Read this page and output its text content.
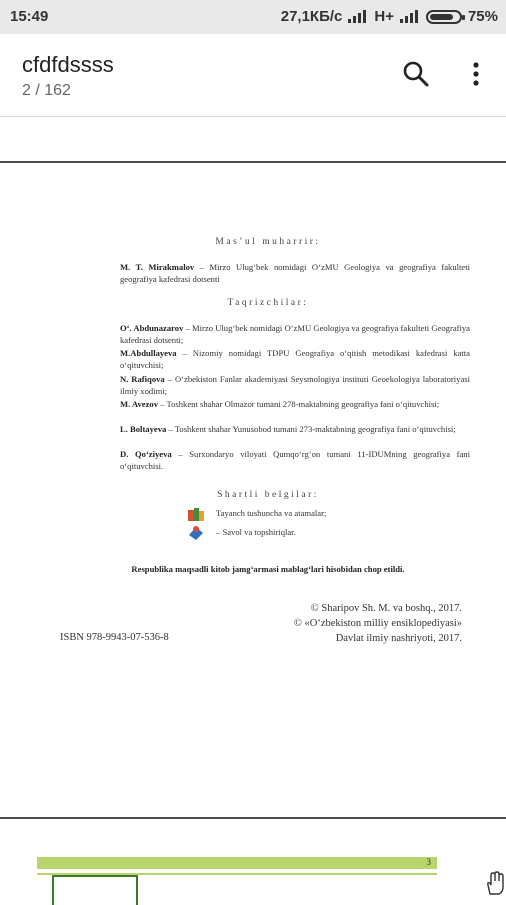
15:49	27,1КБ/с H+	75%
cfdfdssss
2 / 162
Mas’ul muharrir:
M. T. Mirakmalov – Mirzo Ulug‘bek nomidagi O‘zMU Geologiya va geografiya fakulteti geografiya kafedrasi dotsenti
Taqrizchilar:
O‘. Abdunazarov – Mirzo Ulug‘bek nomidagi O‘zMU Geologiya va geografiya fakulteti Geografiya kafedrasi dotsenti;
M.Abdullayeva – Nizomiy nomidagi TDPU Geografiya o‘qitish metodikasi kafedrasi katta o‘qituvchisi;
N. Rafiqova – O‘zbekiston Fanlar akademiyasi Seysmologiya instituti Geoekologiya laboratoriyasi ilmiy xodimi;
M. Avezov – Toshkent shahar Olmazor tumani 278-maktabning geografiya fani o‘qituvchisi;
L. Boltayeva – Toshkent shahar Yunusobod tumani 273-maktabning geografiya fani o‘qituvchisi;
D. Qo‘ziyeva – Surxondaryo viloyati Qumqo‘rg‘on tumani 11-IDUMning geografiya fani o‘qituvchisi.
Shartli belgilar:
Tayanch tushuncha va atamalar;
– Savol va topshiriqlar.
Respublika maqsadli kitob jamg‘armasi mablag‘lari hisobidan chop etildi.
© Sharipov Sh. M. va boshq., 2017.
© «O‘zbekiston milliy ensiklopediyasi»
Davlat ilmiy nashriyoti, 2017.
ISBN 978-9943-07-536-8
3
